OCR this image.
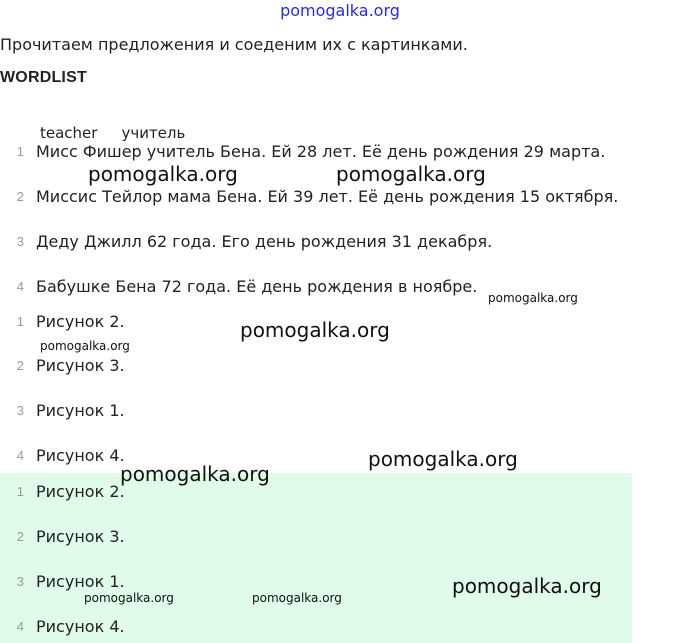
pomogalka.org
Прочитаем предложения и соеденим их с картинками.
WORDLIST
teacher учитель
1 Мисс Фишер учитель Бена. Ей 28 лет. Её день рождения 29 марта.
2 Миссис Тейлор мама Бена. Ей 39 лет. Её день рождения 15 октября.
3 Деду Джилл 62 года. Его день рождения 31 декабря.
4 Бабушке Бена 72 года. Её день рождения в ноябре.
1 Рисунок 2.
2 Рисунок 3.
3 Рисунок 1.
4 Рисунок 4.
1 Рисунок 2.
2 Рисунок 3.
3 Рисунок 1.
4 Рисунок 4.
pomogalka.org	pomogalka.org
pomogalka.org
pomogalka.org
pomogalka.org
pomogalka.org
pomogalka.org
pomogalka.org
pomogalka.org	pomogalka.org
